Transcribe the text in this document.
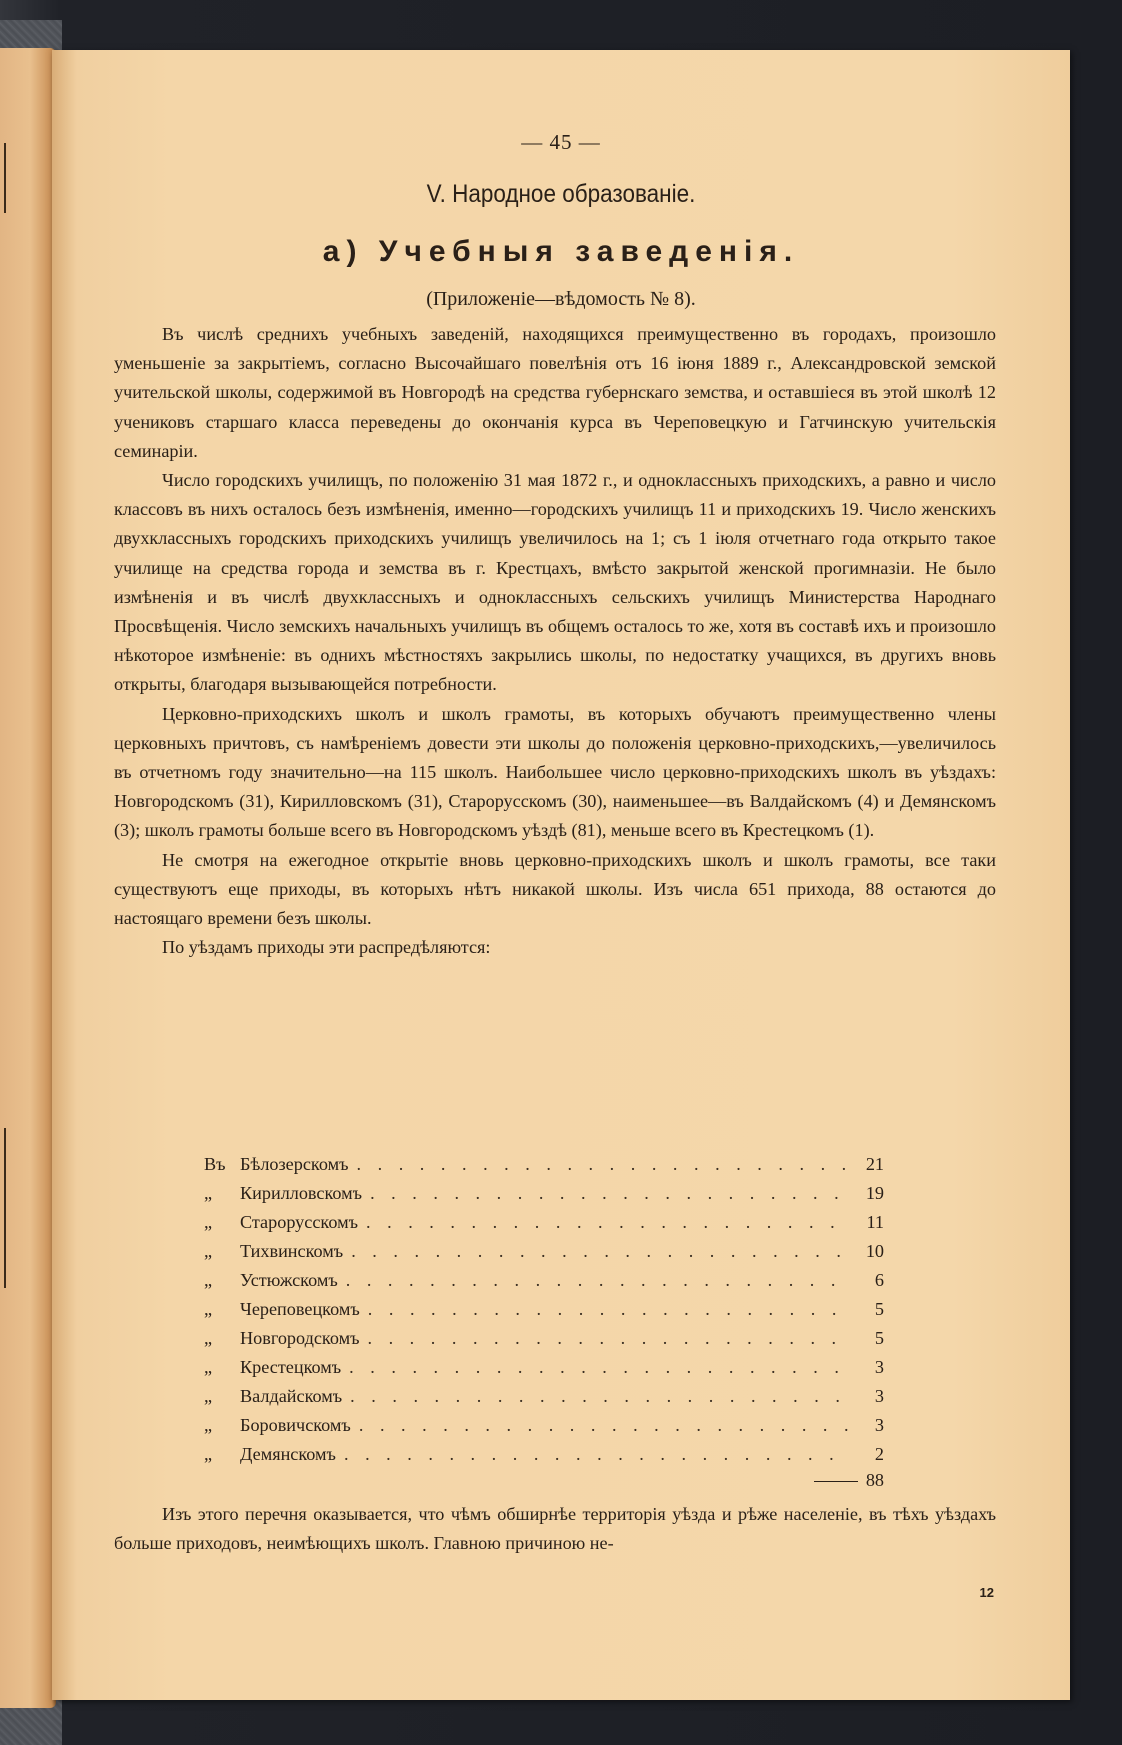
— 45 —
V. Народное образованіе.
а) Учебныя заведенія.
(Приложеніе—вѣдомость № 8).

Въ числѣ среднихъ учебныхъ заведеній, находящихся преимущественно въ городахъ, произошло уменьшеніе за закрытіемъ, согласно Высочайшаго повелѣнія отъ 16 іюня 1889 г., Александровской земской учительской школы, содержимой въ Новгородѣ на средства губернскаго земства, и оставшіеся въ этой школѣ 12 учениковъ старшаго класса переведены до окончанія курса въ Череповецкую и Гатчинскую учительскія семинаріи.

Число городскихъ училищъ, по положенію 31 мая 1872 г., и одноклассныхъ приходскихъ, а равно и число классовъ въ нихъ осталось безъ измѣненія, именно—городскихъ училищъ 11 и приходскихъ 19. Число женскихъ двухклассныхъ городскихъ приходскихъ училищъ увеличилось на 1; съ 1 іюля отчетнаго года открыто такое училище на средства города и земства въ г. Крестцахъ, вмѣсто закрытой женской прогимназіи. Не было измѣненія и въ числѣ двухклассныхъ и одноклассныхъ сельскихъ училищъ Министерства Народнаго Просвѣщенія. Число земскихъ начальныхъ училищъ въ общемъ осталось то же, хотя въ составѣ ихъ и произошло нѣкоторое измѣненіе: въ однихъ мѣстностяхъ закрылись школы, по недостатку учащихся, въ другихъ вновь открыты, благодаря вызывающейся потребности.

Церковно-приходскихъ школъ и школъ грамоты, въ которыхъ обучаютъ преимущественно члены церковныхъ причтовъ, съ намѣреніемъ довести эти школы до положенія церковно-приходскихъ,—увеличилось въ отчетномъ году значительно—на 115 школъ. Наибольшее число церковно-приходскихъ школъ въ уѣздахъ: Новгородскомъ (31), Кирилловскомъ (31), Старорусскомъ (30), наименьшее—въ Валдайскомъ (4) и Демянскомъ (3); школъ грамоты больше всего въ Новгородскомъ уѣздѣ (81), меньше всего въ Крестецкомъ (1).

Не смотря на ежегодное открытіе вновь церковно-приходскихъ школъ и школъ грамоты, все таки существуютъ еще приходы, въ которыхъ нѣтъ никакой школы. Изъ числа 651 прихода, 88 остаются до настоящаго времени безъ школы.

По уѣздамъ приходы эти распредѣляются:

Въ Бѣлозерскомъ . . .	21
„	Кирилловскомъ . . .	19
„	Старорусскомъ . . .	11
„	Тихвинскомъ . . .	10
„	Устюжскомъ . . .	6
„	Череповецкомъ . . .	5
„	Новгородскомъ . . .	5
„	Крестецкомъ . . .	3
„	Валдайскомъ . . .	3
„	Боровичскомъ . . .	3
„	Демянскомъ . . .	2
88

Изъ этого перечня оказывается, что чѣмъ обширнѣе территорія уѣзда и рѣже населеніе, въ тѣхъ уѣздахъ больше приходовъ, неимѣющихъ школъ. Главною причиною не-

12
